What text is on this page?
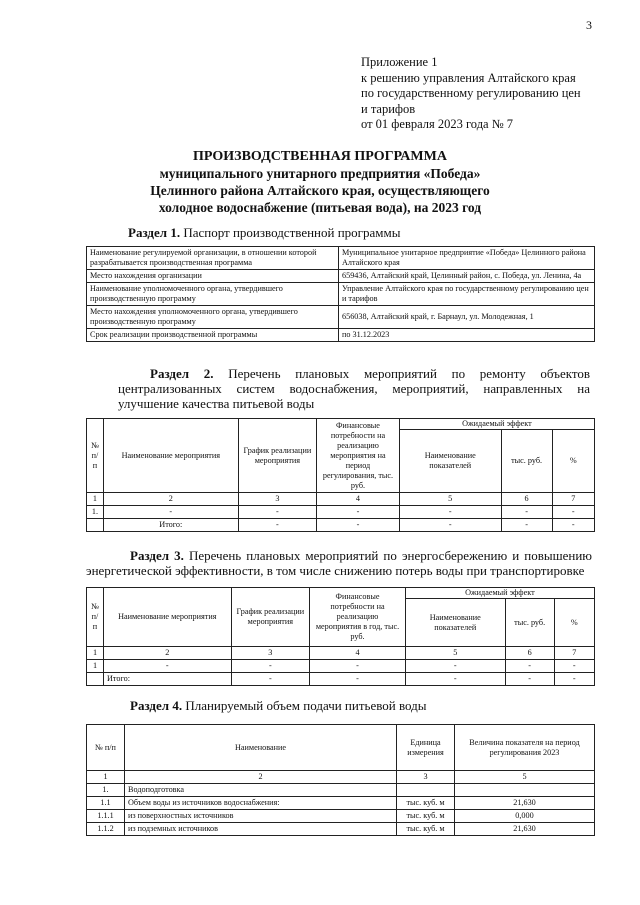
3
Приложение 1
к решению управления Алтайского края
по государственному регулированию цен
и тарифов
от 01 февраля 2023 года № 7
ПРОИЗВОДСТВЕННАЯ ПРОГРАММА
муниципального унитарного предприятия «Победа»
Целинного района Алтайского края, осуществляющего
холодное водоснабжение (питьевая вода), на 2023 год
Раздел 1. Паспорт производственной программы
Наименование регулируемой организации, в отношении которой разрабатывается производственная программа	Муниципальное унитарное предприятие «Победа» Целинного района Алтайского края
Место нахождения организации	659436, Алтайский край, Целинный район, с. Победа, ул. Ленина, 4а
Наименование уполномоченного органа, утвердившего производственную программу	Управление Алтайского края по государственному регулированию цен и тарифов
Место нахождения уполномоченного органа, утвердившего производственную программу	656038, Алтайский край, г. Барнаул, ул. Молодежная, 1
Срок реализации производственной программы	по 31.12.2023
Раздел 2. Перечень плановых мероприятий по ремонту объектов централизованных систем водоснабжения, мероприятий, направленных на улучшение качества питьевой воды
№ п/п	Наименование мероприятия	График реализации мероприятия	Финансовые потребности на реализацию мероприятия на период регулирования, тыс. руб.	Ожидаемый эффект		
				Наименование показателей	тыс. руб.	%
1	2	3	4	5	6	7
1.	-	-	-	-	-	-
	Итого:	-	-	-	-	-
Раздел 3. Перечень плановых мероприятий по энергосбережению и повышению энергетической эффективности, в том числе снижению потерь воды при транспортировке
№ п/п	Наименование мероприятия	График реализации мероприятия	Финансовые потребности на реализацию мероприятия в год, тыс. руб.	Ожидаемый эффект		
				Наименование показателей	тыс. руб.	%
1	2	3	4	5	6	7
1	-	-	-	-	-	-
	Итого:	-	-	-	-	-
Раздел 4. Планируемый объем подачи питьевой воды
№ п/п	Наименование	Единица измерения	Величина показателя на период регулирования 2023
1	2	3	5
1.	Водоподготовка		
1.1	Объем воды из источников водоснабжения:	тыс. куб. м	21,630
1.1.1	из поверхностных источников	тыс. куб. м	0,000
1.1.2	из подземных источников	тыс. куб. м	21,630
